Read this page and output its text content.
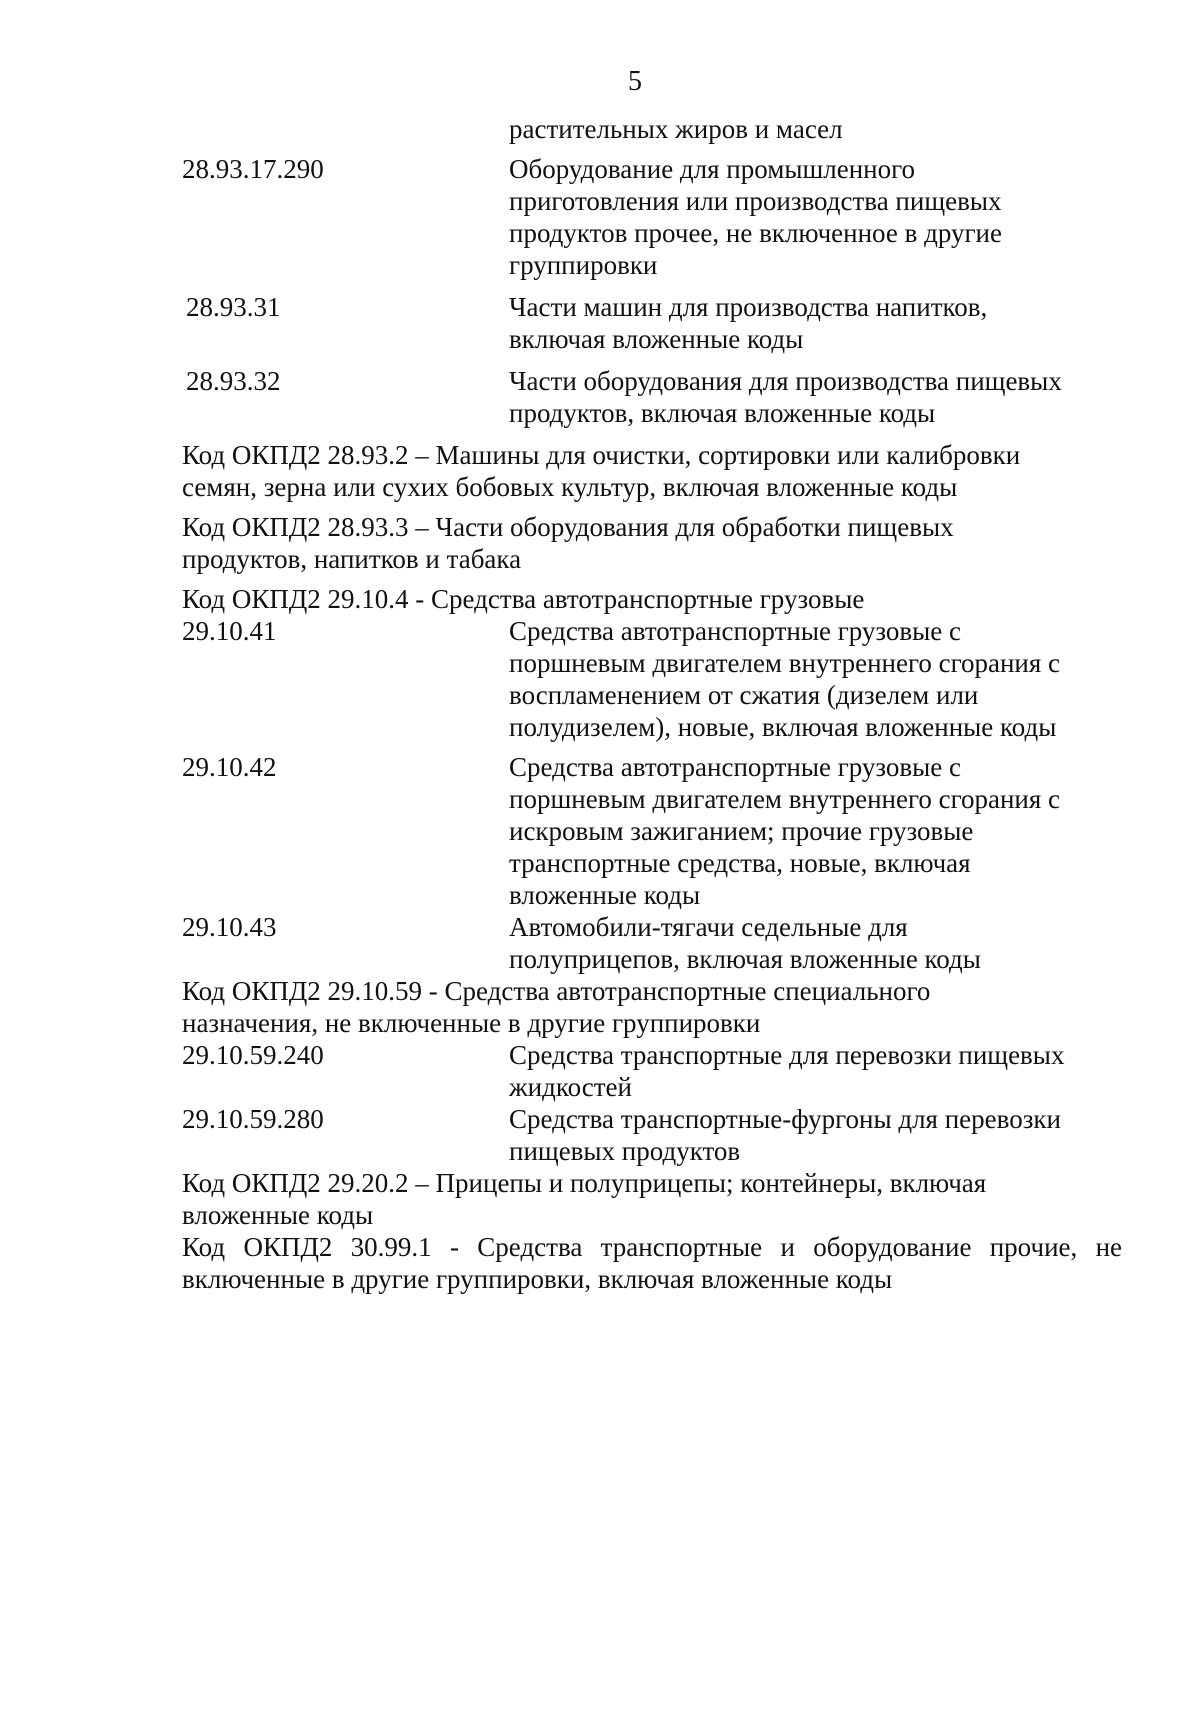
5
растительных жиров и масел
28.93.17.290	Оборудование для промышленного
приготовления или производства пищевых
продуктов прочее, не включенное в другие
группировки
28.93.31	Части машин для производства напитков,
включая вложенные коды
28.93.32	Части оборудования для производства пищевых
продуктов, включая вложенные коды
Код ОКПД2 28.93.2 – Машины для очистки, сортировки или калибровки
семян, зерна или сухих бобовых культур, включая вложенные коды
Код ОКПД2 28.93.3 – Части оборудования для обработки пищевых
продуктов, напитков и табака
Код ОКПД2 29.10.4 - Средства автотранспортные грузовые
29.10.41	Средства автотранспортные грузовые с
поршневым двигателем внутреннего сгорания с
воспламенением от сжатия (дизелем или
полудизелем), новые, включая вложенные коды
29.10.42	Средства автотранспортные грузовые с
поршневым двигателем внутреннего сгорания с
искровым зажиганием; прочие грузовые
транспортные средства, новые, включая
вложенные коды
29.10.43	Автомобили-тягачи седельные для
полуприцепов, включая вложенные коды
Код ОКПД2 29.10.59 - Средства автотранспортные специального
назначения, не включенные в другие группировки
29.10.59.240	Средства транспортные для перевозки пищевых
жидкостей
29.10.59.280	Средства транспортные-фургоны для перевозки
пищевых продуктов
Код ОКПД2 29.20.2 – Прицепы и полуприцепы; контейнеры, включая
вложенные коды
Код ОКПД2 30.99.1 - Средства транспортные и оборудование прочие, не
включенные в другие группировки, включая вложенные коды
